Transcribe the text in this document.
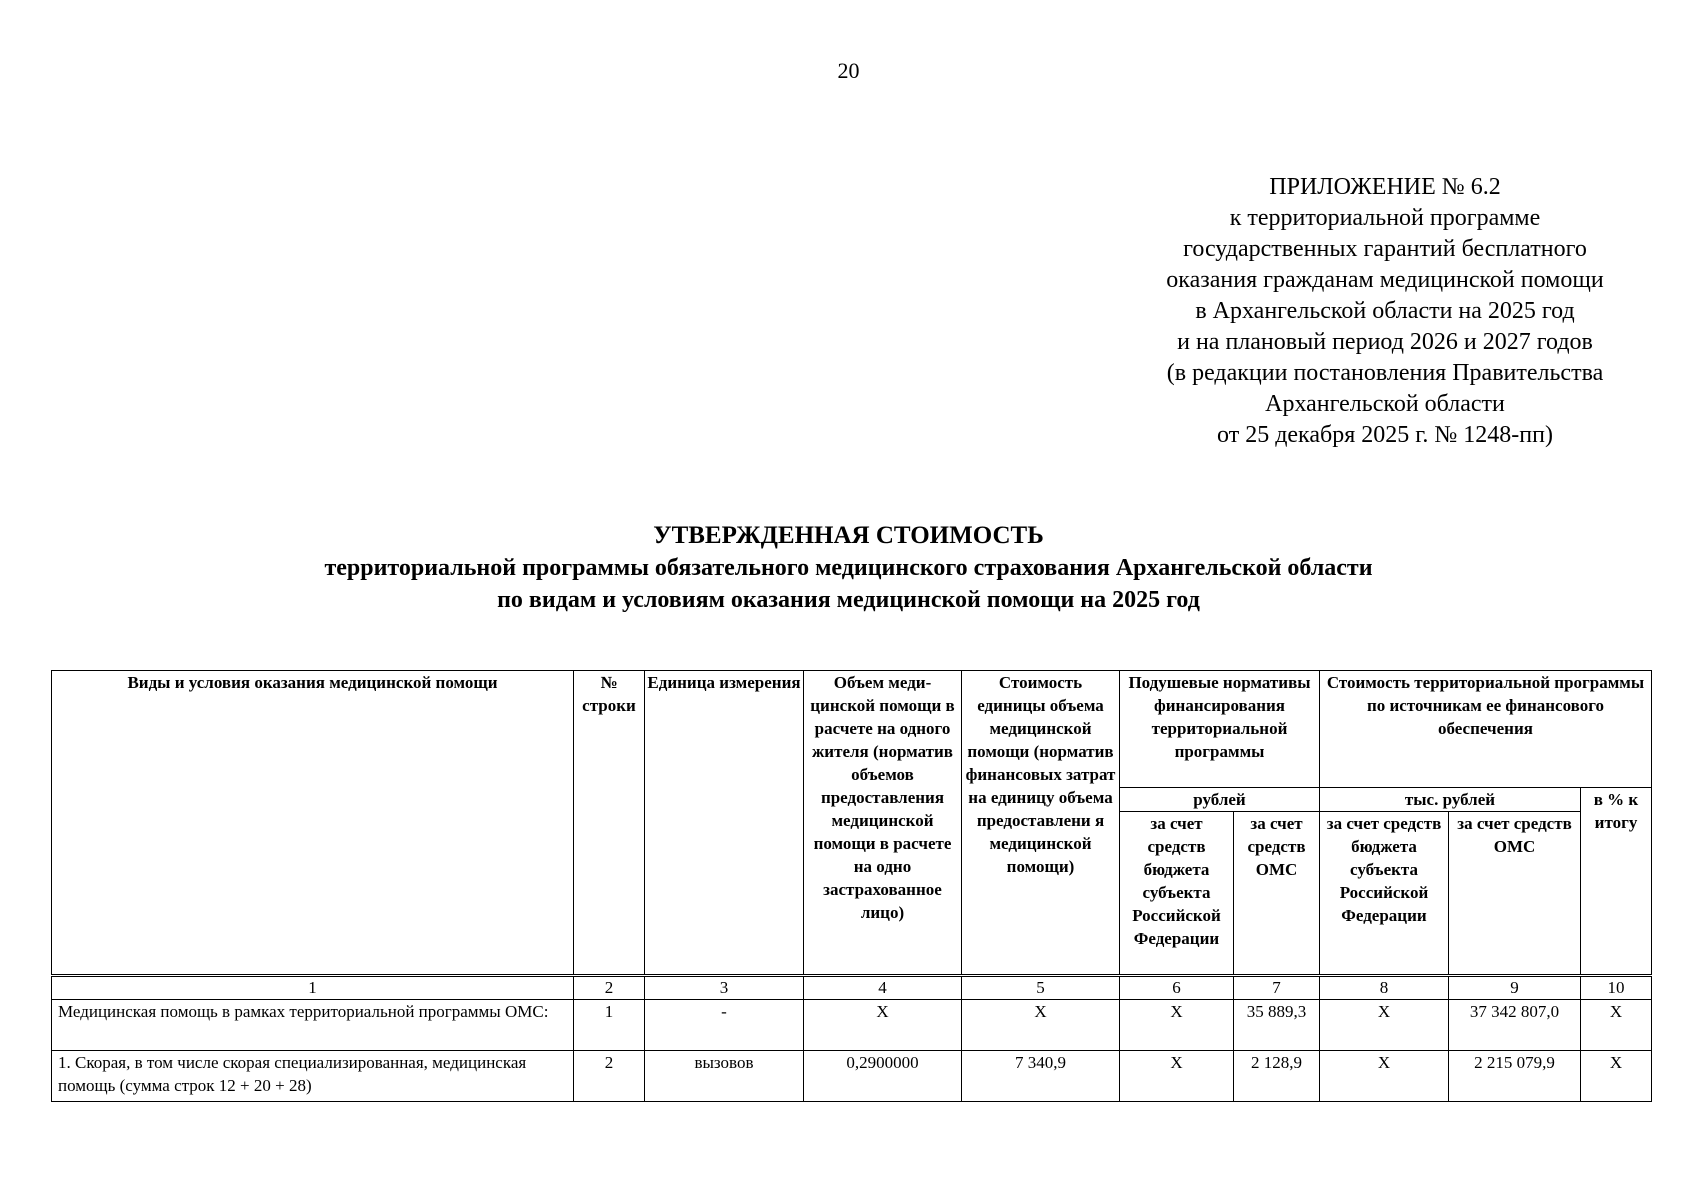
20
ПРИЛОЖЕНИЕ № 6.2
к территориальной программе
государственных гарантий бесплатного
оказания гражданам медицинской помощи
в Архангельской области на 2025 год
и на плановый период 2026 и 2027 годов
(в редакции постановления Правительства
Архангельской области
от 25 декабря 2025 г. № 1248-пп)
УТВЕРЖДЕННАЯ СТОИМОСТЬ
территориальной программы обязательного медицинского страхования Архангельской области
по видам и условиям оказания медицинской помощи на 2025 год
Виды и условия оказания медицинской помощи	№ строки	Единица измерения	Объем меди-цинской помощи в расчете на одного жителя (норматив объемов предоставления медицинской помощи в расчете на одно застрахованное лицо)	Стоимость единицы объема медицинской помощи (норматив финансовых затрат на единицу объема предоставлени я медицинской помощи)	Подушевые нормативы финансирования территориальной программы		Стоимость территориальной программы по источникам ее финансового обеспечения		
					рублей		тыс. рублей		в % к итогу
					за счет средств бюджета субъекта Российской Федерации	за счет средств ОМС	за счет средств бюджета субъекта Российской Федерации	за счет средств ОМС	
1	2	3	4	5	6	7	8	9	10
Медицинская помощь в рамках территориальной программы ОМС:	1	-	X	X	X	35 889,3	X	37 342 807,0	X
1. Скорая, в том числе скорая специализированная, медицинская помощь (сумма строк 12 + 20 + 28)	2	вызовов	0,2900000	7 340,9	X	2 128,9	X	2 215 079,9	X
